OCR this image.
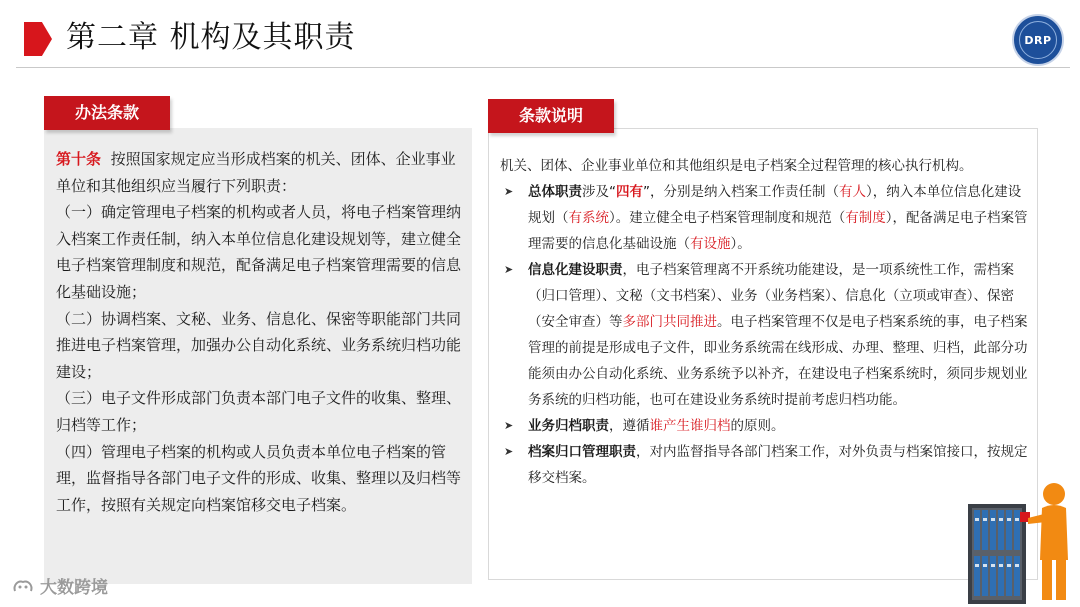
第二章 机构及其职责	DRP
办法条款

第十条 按照国家规定应当形成档案的机关、团体、企业事业单位和其他组织应当履行下列职责：

（一）确定管理电子档案的机构或者人员，将电子档案管理纳入档案工作责任制，纳入本单位信息化建设规划等，建立健全电子档案管理制度和规范，配备满足电子档案管理需要的信息化基础设施；

（二）协调档案、文秘、业务、信息化、保密等职能部门共同推进电子档案管理，加强办公自动化系统、业务系统归档功能建设；

（三）电子文件形成部门负责本部门电子文件的收集、整理、归档等工作；

（四）管理电子档案的机构或人员负责本单位电子档案的管理，监督指导各部门电子文件的形成、收集、整理以及归档等工作，按照有关规定向档案馆移交电子档案。

条款说明

机关、团体、企业事业单位和其他组织是电子档案全过程管理的核心执行机构。

➤ 总体职责涉及“四有”，分别是纳入档案工作责任制（有人），纳入本单位信息化建设规划（有系统）。建立健全电子档案管理制度和规范（有制度），配备满足电子档案管理需要的信息化基础设施（有设施）。

➤ 信息化建设职责，电子档案管理离不开系统功能建设，是一项系统性工作，需档案（归口管理）、文秘（文书档案）、业务（业务档案）、信息化（立项或审查）、保密（安全审查）等多部门共同推进。电子档案管理不仅是电子档案系统的事，电子档案管理的前提是形成电子文件，即业务系统需在线形成、办理、整理、归档，此部分功能须由办公自动化系统、业务系统予以补齐，在建设电子档案系统时，须同步规划业务系统的归档功能，也可在建设业务系统时提前考虑归档功能。

➤ 业务归档职责，遵循谁产生谁归档的原则。

➤ 档案归口管理职责，对内监督指导各部门档案工作，对外负责与档案馆接口，按规定移交档案。

大数跨境
